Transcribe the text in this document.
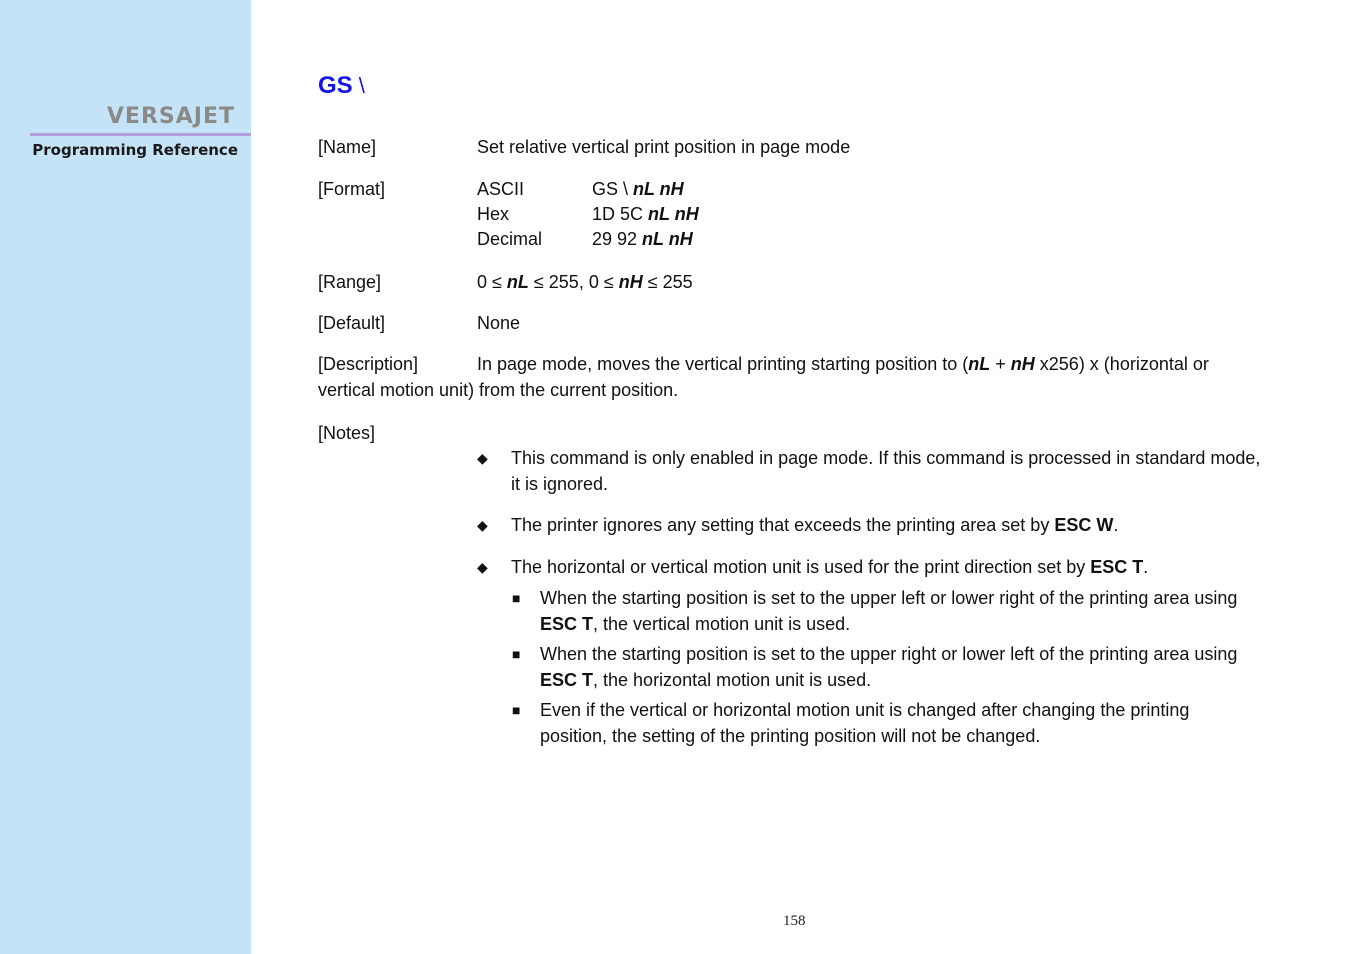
VERSAJET
Programming Reference
GS \
[Name]	Set relative vertical print position in page mode
[Format]	ASCII	GS \ nL nH
Hex	1D 5C nL nH
Decimal	29 92 nL nH
[Range]	0 ≤ nL ≤ 255, 0 ≤ nH ≤ 255
[Default]	None
[Description]	In page mode, moves the vertical printing starting position to (nL + nH x256) x (horizontal or vertical motion unit) from the current position.
[Notes]
◆ This command is only enabled in page mode. If this command is processed in standard mode, it is ignored.
◆ The printer ignores any setting that exceeds the printing area set by ESC W.
◆ The horizontal or vertical motion unit is used for the print direction set by ESC T.
■ When the starting position is set to the upper left or lower right of the printing area using ESC T, the vertical motion unit is used.
■ When the starting position is set to the upper right or lower left of the printing area using ESC T, the horizontal motion unit is used.
■ Even if the vertical or horizontal motion unit is changed after changing the printing position, the setting of the printing position will not be changed.
158
